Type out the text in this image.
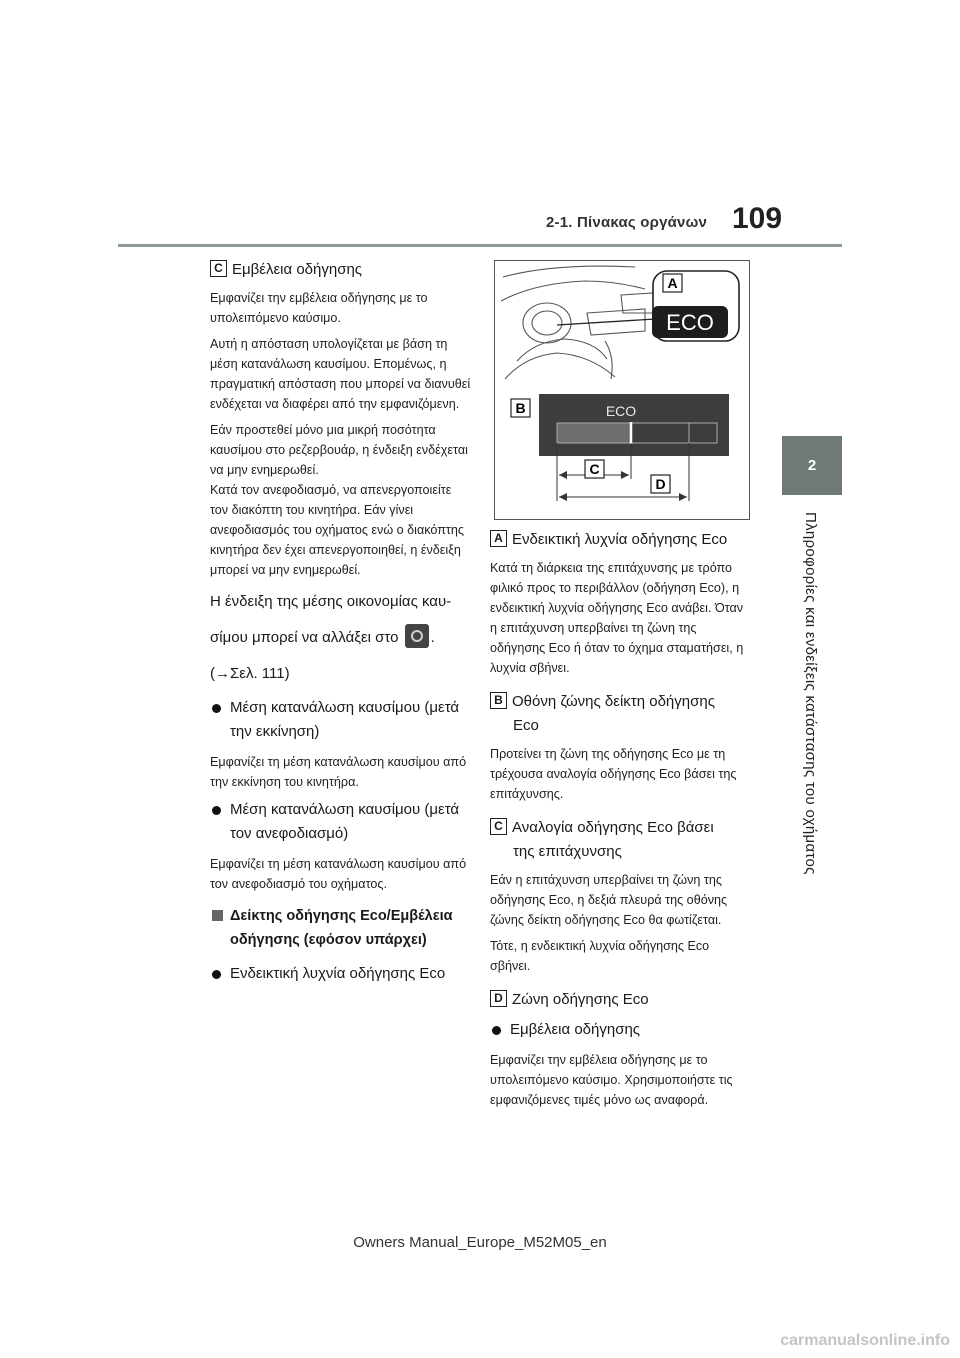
2-1. Πίνακας οργάνων 109
2
Πληροφορίες και ενδείξεις κατάστασης του οχήματος
C Εμβέλεια οδήγησης

Εμφανίζει την εμβέλεια οδήγησης με το υπολειπόμενο καύσιμο.

Αυτή η απόσταση υπολογίζεται με βάση τη μέση κατανάλωση καυσίμου. Επομένως, η πραγματική απόσταση που μπορεί να διανυθεί ενδέχεται να διαφέρει από την εμφανιζόμενη.

Εάν προστεθεί μόνο μια μικρή ποσότητα καυσίμου στο ρεζερβουάρ, η ένδειξη ενδέχεται να μην ενημερωθεί.

Κατά τον ανεφοδιασμό, να απενεργοποιείτε τον διακόπτη του κινητήρα. Εάν γίνει ανεφοδιασμός του οχήματος ενώ ο διακόπτης κινητήρα δεν έχει απενεργοποιηθεί, η ένδειξη μπορεί να μην ενημερωθεί.

Η ένδειξη της μέσης οικονομίας καυ-
σίμου μπορεί να αλλάξει στο .
(→Σελ. 111)
Μέση κατανάλωση καυσίμου (μετά την εκκίνηση)

Εμφανίζει τη μέση κατανάλωση καυσίμου από την εκκίνηση του κινητήρα.

Μέση κατανάλωση καυσίμου (μετά τον ανεφοδιασμό)

Εμφανίζει τη μέση κατανάλωση καυσίμου από τον ανεφοδιασμό του οχήματος.

Δείκτης οδήγησης Eco/Εμβέλεια οδήγησης (εφόσον υπάρχει)
Ενδεικτική λυχνία οδήγησης Eco
ECO
A
ECO
B
C
D
A Ενδεικτική λυχνία οδήγησης Eco

Κατά τη διάρκεια της επιτάχυνσης με τρόπο φιλικό προς το περιβάλλον (οδήγηση Eco), η ενδεικτική λυχνία οδήγησης Eco ανάβει. Όταν η επιτάχυνση υπερβαίνει τη ζώνη της οδήγησης Eco ή όταν το όχημα σταματήσει, η λυχνία σβήνει.

B Οθόνη ζώνης δείκτη οδήγησης
Eco

Προτείνει τη ζώνη της οδήγησης Eco με τη τρέχουσα αναλογία οδήγησης Eco βάσει της επιτάχυνσης.

C Αναλογία οδήγησης Eco βάσει
της επιτάχυνσης

Εάν η επιτάχυνση υπερβαίνει τη ζώνη της οδήγησης Eco, η δεξιά πλευρά της οθόνης ζώνης δείκτη οδήγησης Eco θα φωτίζεται.

Τότε, η ενδεικτική λυχνία οδήγησης Eco σβήνει.

D Ζώνη οδήγησης Eco
Εμβέλεια οδήγησης

Εμφανίζει την εμβέλεια οδήγησης με το υπολειπόμενο καύσιμο. Χρησιμοποιήστε τις εμφανιζόμενες τιμές μόνο ως αναφορά.

Owners Manual_Europe_M52M05_en
carmanualsonline.info
